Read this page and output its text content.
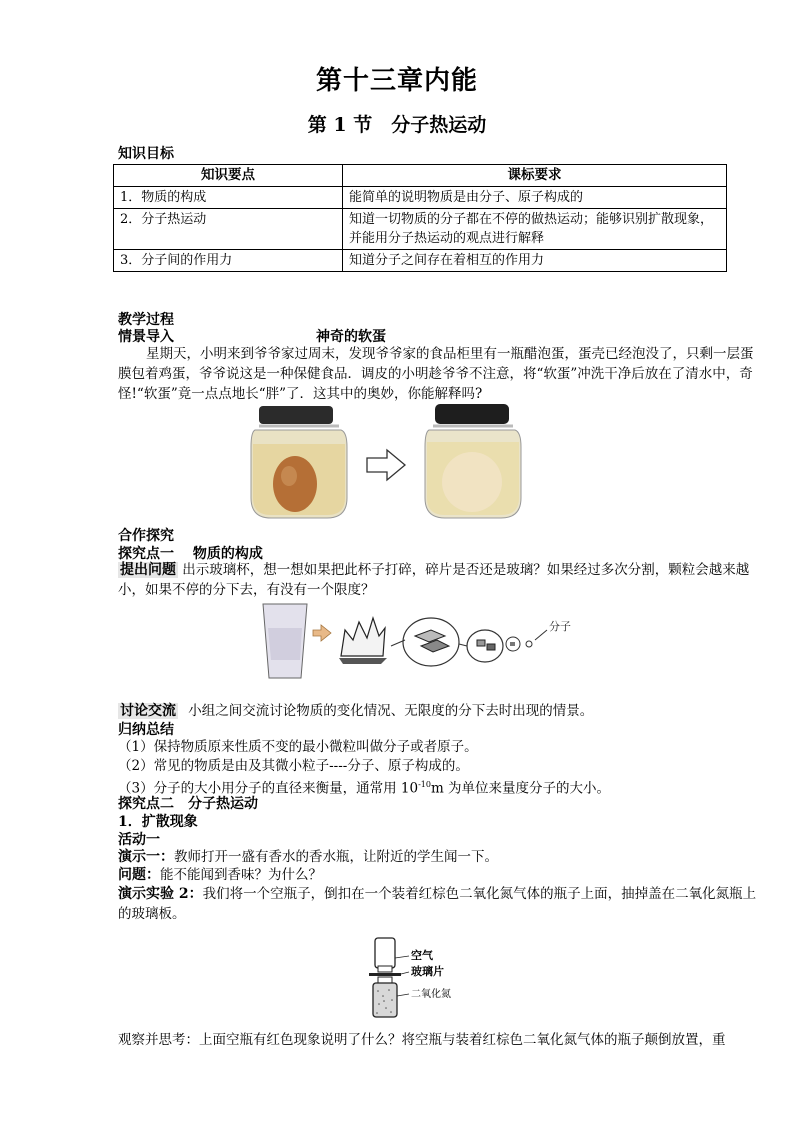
第十三章内能
第 1 节　分子热运动
知识目标
知识要点	课标要求
1．物质的构成	能简单的说明物质是由分子、原子构成的
2．分子热运动	知道一切物质的分子都在不停的做热运动；能够识别扩散现象，并能用分子热运动的观点进行解释
3．分子间的作用力	知道分子之间存在着相互的作用力
教学过程
情景导入	神奇的软蛋
星期天，小明来到爷爷家过周末，发现爷爷家的食品柜里有一瓶醋泡蛋，蛋壳已经泡没了，只剩一层蛋膜包着鸡蛋，爷爷说这是一种保健食品．调皮的小明趁爷爷不注意，将“软蛋”冲洗干净后放在了清水中，奇怪!“软蛋”竟一点点地长“胖”了．这其中的奥妙，你能解释吗?
合作探究
探究点一　 物质的构成
提出问题 出示玻璃杯，想一想如果把此杯子打碎，碎片是否还是玻璃？如果经过多次分割，颗粒会越来越小，如果不停的分下去，有没有一个限度？
分子
讨论交流 小组之间交流讨论物质的变化情况、无限度的分下去时出现的情景。
归纳总结
（1）保持物质原来性质不变的最小微粒叫做分子或者原子。
（2）常见的物质是由及其微小粒子----分子、原子构成的。
（3）分子的大小用分子的直径来衡量，通常用 $10^{-10}m$ 为单位来量度分子的大小。
探究点二　分子热运动
1．扩散现象
活动一
演示一：教师打开一盛有香水的香水瓶，让附近的学生闻一下。
问题：能不能闻到香味？为什么？
演示实验 2：我们将一个空瓶子，倒扣在一个装着红棕色二氧化氮气体的瓶子上面，抽掉盖在二氧化氮瓶上的玻璃板。
空气
玻璃片
二氧化氮
观察并思考：上面空瓶有红色现象说明了什么？将空瓶与装着红棕色二氧化氮气体的瓶子颠倒放置，重
